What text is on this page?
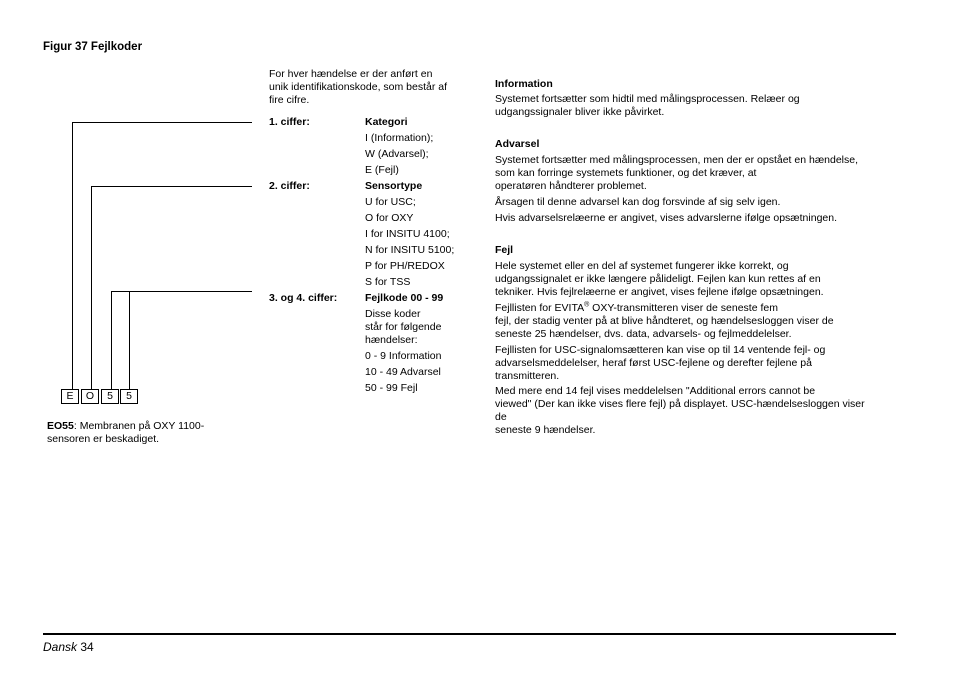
Figur 37 Fejlkoder
For hver hændelse er der anført en
unik identifikationskode, som består af
fire cifre.
E	O	5	5
EO55: Membranen på OXY 1100-
sensoren er beskadiget.
1. ciffer:	Kategori
I (Information);
W (Advarsel);
E (Fejl)
2. ciffer:	Sensortype
U for USC;
O for OXY
I for INSITU 4100;
N for INSITU 5100;
P for PH/REDOX
S for TSS
3. og 4. ciffer:	Fejlkode 00 - 99
Disse koder
står for følgende
hændelser:
0 - 9 Information
10 - 49 Advarsel
50 - 99 Fejl
Information
Systemet fortsætter som hidtil med målingsprocessen. Relæer og
udgangssignaler bliver ikke påvirket.
Advarsel
Systemet fortsætter med målingsprocessen, men der er opstået en hændelse,
som kan forringe systemets funktioner, og det kræver, at
operatøren håndterer problemet.
Årsagen til denne advarsel kan dog forsvinde af sig selv igen.
Hvis advarselsrelæerne er angivet, vises advarslerne ifølge opsætningen.
Fejl
Hele systemet eller en del af systemet fungerer ikke korrekt, og
udgangssignalet er ikke længere pålideligt. Fejlen kan kun rettes af en
tekniker. Hvis fejlrelæerne er angivet, vises fejlene ifølge opsætningen.
Fejllisten for EVITA® OXY-transmitteren viser de seneste fem
fejl, der stadig venter på at blive håndteret, og hændelsesloggen viser de
seneste 25 hændelser, dvs. data, advarsels- og fejlmeddelelser.
Fejllisten for USC-signalomsætteren kan vise op til 14 ventende fejl- og
advarselsmeddelelser, heraf først USC-fejlene og derefter fejlene på
transmitteren.
Med mere end 14 fejl vises meddelelsen "Additional errors cannot be
viewed" (Der kan ikke vises flere fejl) på displayet. USC-hændelsesloggen viser
de
seneste 9 hændelser.
Dansk 34
